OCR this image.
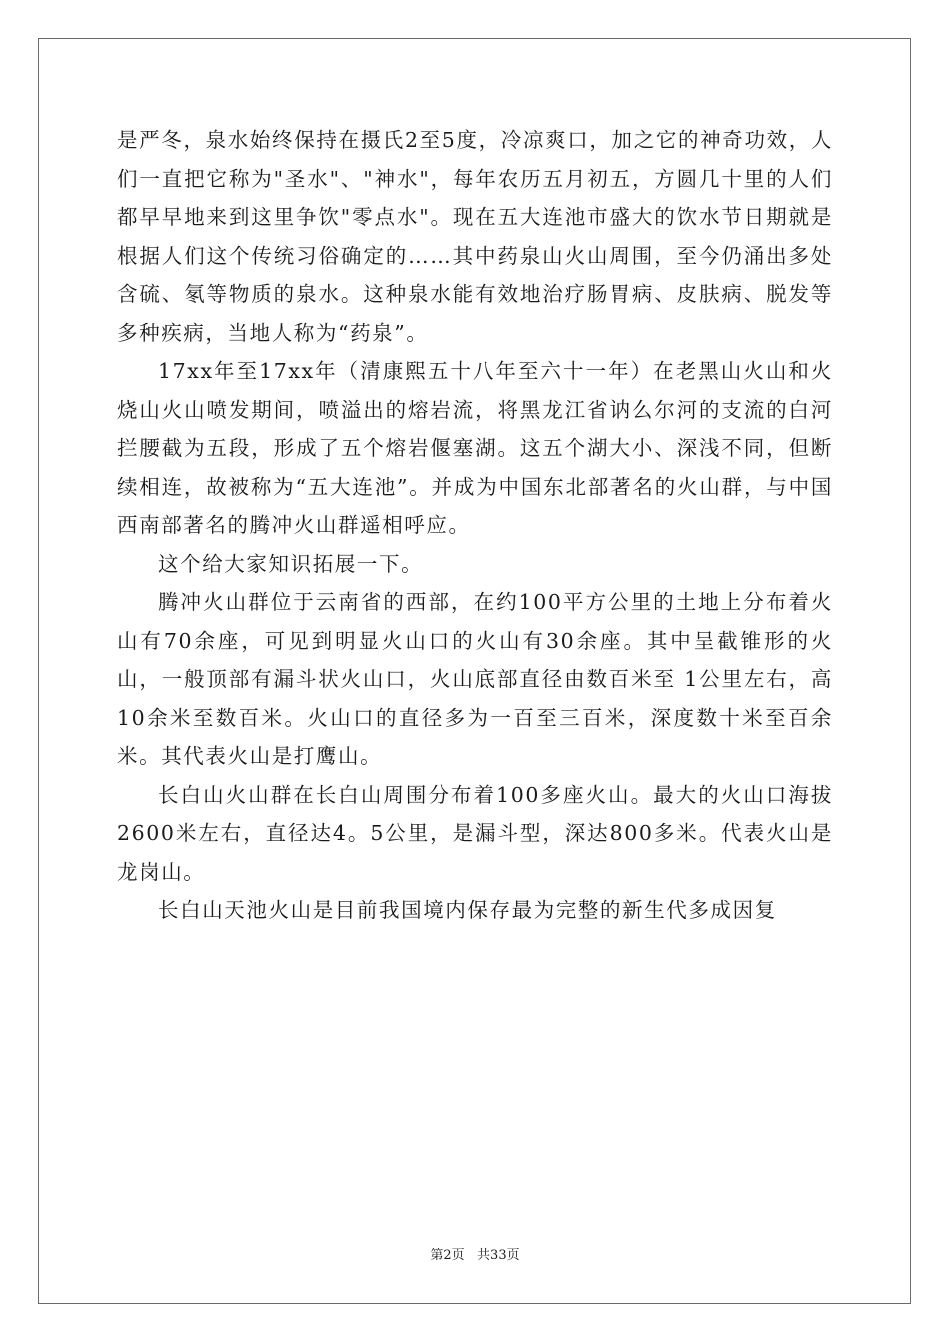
是严冬，泉水始终保持在摄氏2至5度，冷凉爽口，加之它的神奇功效，人们一直把它称为"圣水"、"神水"，每年农历五月初五，方圆几十里的人们都早早地来到这里争饮"零点水"。现在五大连池市盛大的饮水节日期就是根据人们这个传统习俗确定的……其中药泉山火山周围，至今仍涌出多处含硫、氡等物质的泉水。这种泉水能有效地治疗肠胃病、皮肤病、脱发等多种疾病，当地人称为“药泉”。

17xx年至17xx年（清康熙五十八年至六十一年）在老黑山火山和火烧山火山喷发期间，喷溢出的熔岩流，将黑龙江省讷么尔河的支流的白河拦腰截为五段，形成了五个熔岩偃塞湖。这五个湖大小、深浅不同，但断续相连，故被称为“五大连池”。并成为中国东北部著名的火山群，与中国西南部著名的腾冲火山群遥相呼应。

这个给大家知识拓展一下。

腾冲火山群位于云南省的西部，在约100平方公里的土地上分布着火山有70余座，可见到明显火山口的火山有30余座。其中呈截锥形的火山，一般顶部有漏斗状火山口，火山底部直径由数百米至 1公里左右，高10余米至数百米。火山口的直径多为一百至三百米，深度数十米至百余米。其代表火山是打鹰山。

长白山火山群在长白山周围分布着100多座火山。最大的火山口海拔2600米左右，直径达4。5公里，是漏斗型，深达800多米。代表火山是龙岗山。

长白山天池火山是目前我国境内保存最为完整的新生代多成因复

第2页   共33页
